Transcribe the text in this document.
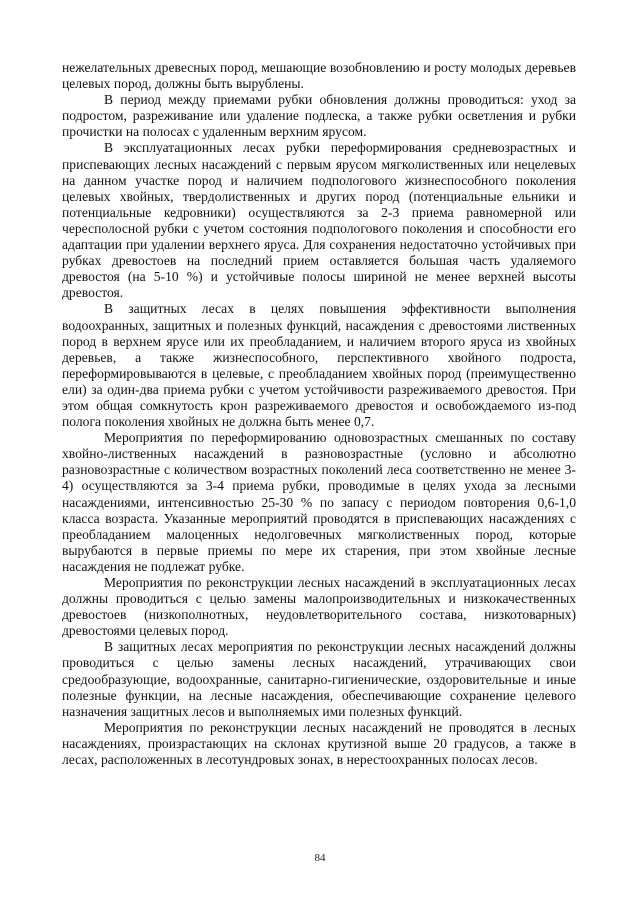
нежелательных древесных пород, мешающие возобновлению и росту молодых деревьев целевых пород, должны быть вырублены.

В период между приемами рубки обновления должны проводиться: уход за подростом, разреживание или удаление подлеска, а также рубки осветления и рубки прочистки на полосах с удаленным верхним ярусом.

В эксплуатационных лесах рубки переформирования средневозрастных и приспевающих лесных насаждений с первым ярусом мягколиственных или нецелевых на данном участке пород и наличием подпологового жизнеспособного поколения целевых хвойных, твердолиственных и других пород (потенциальные ельники и потенциальные кедровники) осуществляются за 2-3 приема равномерной или чересполосной рубки с учетом состояния подпологового поколения и способности его адаптации при удалении верхнего яруса. Для сохранения недостаточно устойчивых при рубках древостоев на последний прием оставляется большая часть удаляемого древостоя (на 5-10 %) и устойчивые полосы шириной не менее верхней высоты древостоя.

В защитных лесах в целях повышения эффективности выполнения водоохранных, защитных и полезных функций, насаждения с древостоями лиственных пород в верхнем ярусе или их преобладанием, и наличием второго яруса из хвойных деревьев, а также жизнеспособного, перспективного хвойного подроста, переформировываются в целевые, с преобладанием хвойных пород (преимущественно ели) за один-два приема рубки с учетом устойчивости разреживаемого древостоя. При этом общая сомкнутость крон разреживаемого древостоя и освобождаемого из-под полога поколения хвойных не должна быть менее 0,7.

Мероприятия по переформированию одновозрастных смешанных по составу хвойно-лиственных насаждений в разновозрастные (условно и абсолютно разновозрастные с количеством возрастных поколений леса соответственно не менее 3-4) осуществляются за 3-4 приема рубки, проводимые в целях ухода за лесными насаждениями, интенсивностью 25-30 % по запасу с периодом повторения 0,6-1,0 класса возраста. Указанные мероприятий проводятся в приспевающих насаждениях с преобладанием малоценных недолговечных мягколиственных пород, которые вырубаются в первые приемы по мере их старения, при этом хвойные лесные насаждения не подлежат рубке.

Мероприятия по реконструкции лесных насаждений в эксплуатационных лесах должны проводиться с целью замены малопроизводительных и низкокачественных древостоев (низкополнотных, неудовлетворительного состава, низкотоварных) древостоями целевых пород.

В защитных лесах мероприятия по реконструкции лесных насаждений должны проводиться с целью замены лесных насаждений, утрачивающих свои средообразующие, водоохранные, санитарно-гигиенические, оздоровительные и иные полезные функции, на лесные насаждения, обеспечивающие сохранение целевого назначения защитных лесов и выполняемых ими полезных функций.

Мероприятия по реконструкции лесных насаждений не проводятся в лесных насаждениях, произрастающих на склонах крутизной выше 20 градусов, а также в лесах, расположенных в лесотундровых зонах, в нерестоохранных полосах лесов.

84
